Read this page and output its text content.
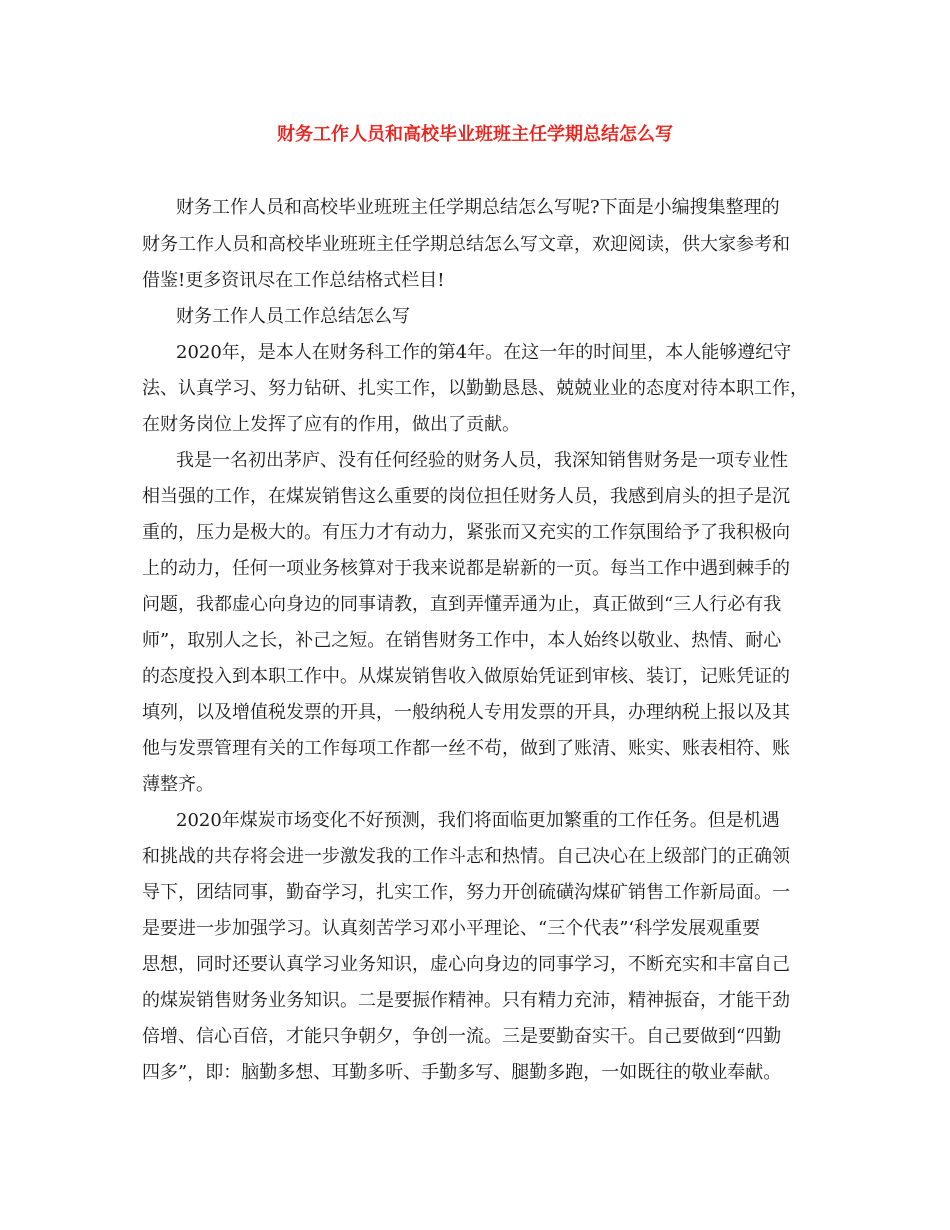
财务工作人员和高校毕业班班主任学期总结怎么写
财务工作人员和高校毕业班班主任学期总结怎么写呢?下面是小编搜集整理的
财务工作人员和高校毕业班班主任学期总结怎么写文章，欢迎阅读，供大家参考和
借鉴!更多资讯尽在工作总结格式栏目!
财务工作人员工作总结怎么写
2020年，是本人在财务科工作的第4年。在这一年的时间里，本人能够遵纪守
法、认真学习、努力钻研、扎实工作，以勤勤恳恳、兢兢业业的态度对待本职工作，
在财务岗位上发挥了应有的作用，做出了贡献。
我是一名初出茅庐、没有任何经验的财务人员，我深知销售财务是一项专业性
相当强的工作，在煤炭销售这么重要的岗位担任财务人员，我感到肩头的担子是沉
重的，压力是极大的。有压力才有动力，紧张而又充实的工作氛围给予了我积极向
上的动力，任何一项业务核算对于我来说都是崭新的一页。每当工作中遇到棘手的
问题，我都虚心向身边的同事请教，直到弄懂弄通为止，真正做到“三人行必有我
师”，取别人之长，补己之短。在销售财务工作中，本人始终以敬业、热情、耐心
的态度投入到本职工作中。从煤炭销售收入做原始凭证到审核、装订，记账凭证的
填列，以及增值税发票的开具，一般纳税人专用发票的开具，办理纳税上报以及其
他与发票管理有关的工作每项工作都一丝不苟，做到了账清、账实、账表相符、账
薄整齐。
2020年煤炭市场变化不好预测，我们将面临更加繁重的工作任务。但是机遇
和挑战的共存将会进一步激发我的工作斗志和热情。自己决心在上级部门的正确领
导下，团结同事，勤奋学习，扎实工作，努力开创硫磺沟煤矿销售工作新局面。一
是要进一步加强学习。认真刻苦学习邓小平理论、“三个代表”‘科学发展观重要
思想，同时还要认真学习业务知识，虚心向身边的同事学习，不断充实和丰富自己
的煤炭销售财务业务知识。二是要振作精神。只有精力充沛，精神振奋，才能干劲
倍增、信心百倍，才能只争朝夕，争创一流。三是要勤奋实干。自己要做到“四勤
四多”，即：脑勤多想、耳勤多听、手勤多写、腿勤多跑，一如既往的敬业奉献。
